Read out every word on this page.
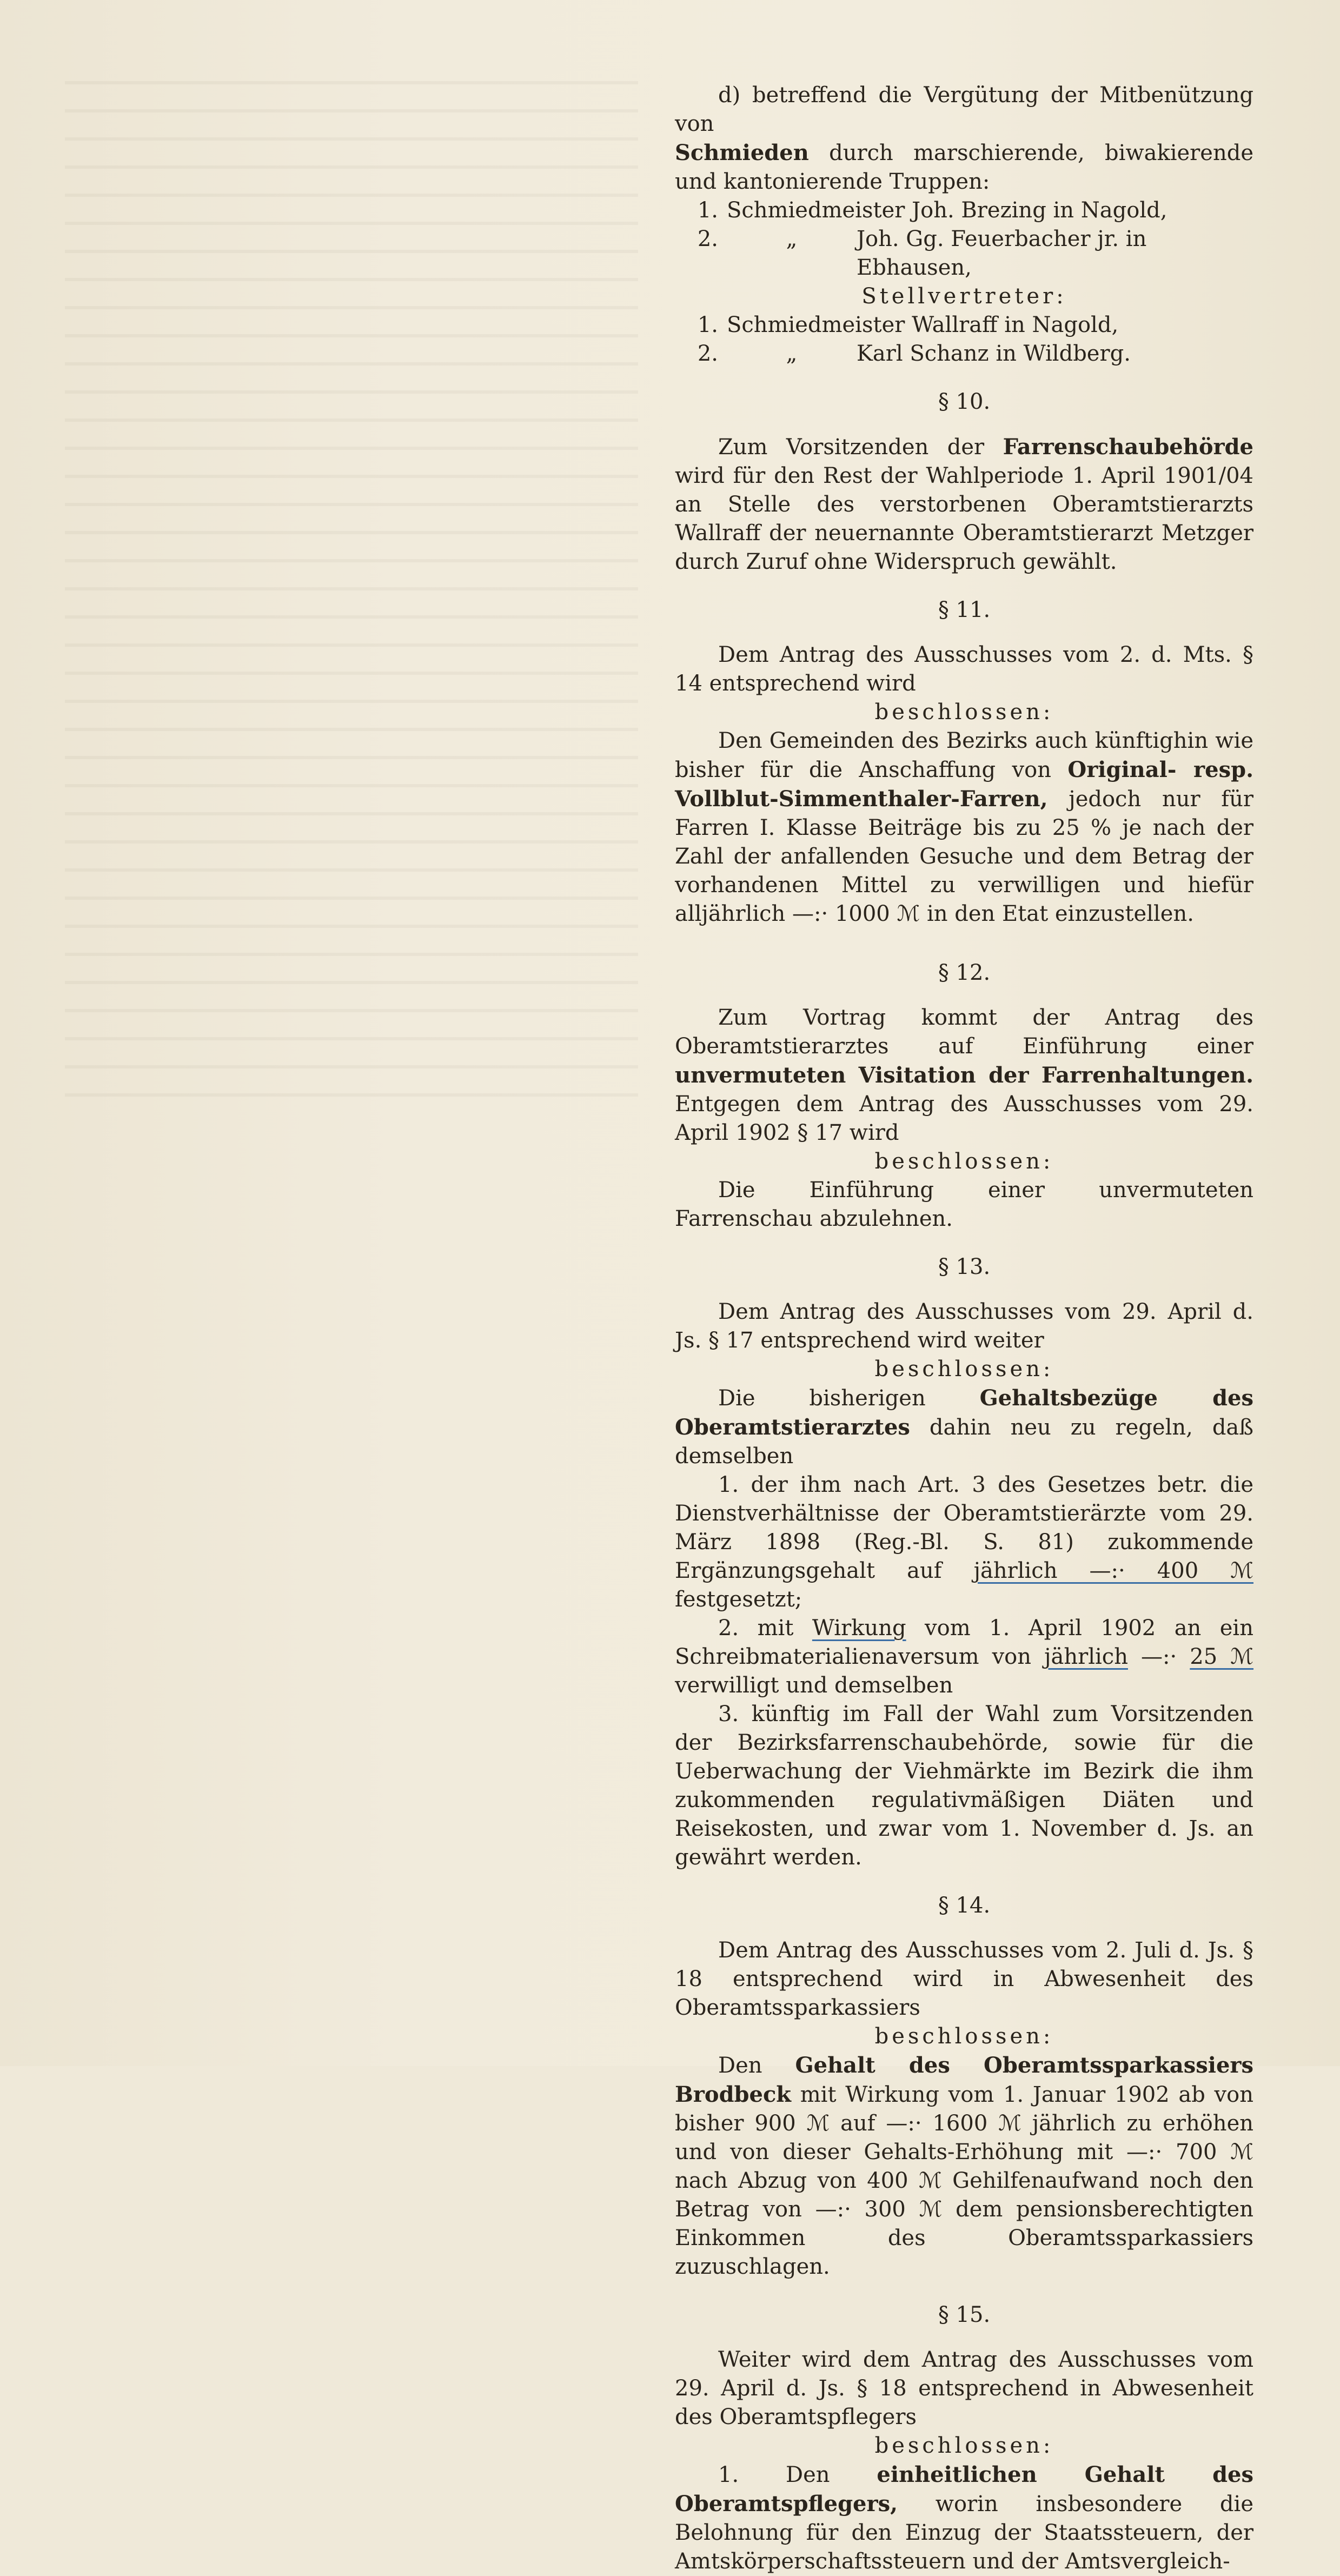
d) betreffend die Vergütung der Mitbenützung von
Schmieden durch marschierende, biwakierende und kantonierende Truppen:

1. Schmiedmeister Joh. Brezing in Nagold,
2.	„	Joh. Gg. Feuerbacher jr. in Ebhausen,

Stellvertreter:

1. Schmiedmeister Wallraff in Nagold,
2.	„	Karl Schanz in Wildberg.

§ 10.

Zum Vorsitzenden der Farrenschaubehörde wird für den Rest der Wahlperiode 1. April 1901/04 an Stelle des verstorbenen Oberamtstierarzts Wallraff der neuernannte Oberamtstierarzt Metzger durch Zuruf ohne Widerspruch gewählt.

§ 11.

Dem Antrag des Ausschusses vom 2. d. Mts. § 14 entsprechend wird

beschlossen:

Den Gemeinden des Bezirks auch künftighin wie bisher für die Anschaffung von Original- resp. Vollblut-Simmenthaler-Farren, jedoch nur für Farren I. Klasse Beiträge bis zu 25 % je nach der Zahl der anfallenden Gesuche und dem Betrag der vorhandenen Mittel zu verwilligen und hiefür alljährlich —:· 1000 ℳ in den Etat einzustellen.

§ 12.

Zum Vortrag kommt der Antrag des Oberamtstierarztes auf Einführung einer unvermuteten Visitation der Farrenhaltungen. Entgegen dem Antrag des Ausschusses vom 29. April 1902 § 17 wird

beschlossen:

Die Einführung einer unvermuteten Farrenschau abzulehnen.

§ 13.

Dem Antrag des Ausschusses vom 29. April d. Js. § 17 entsprechend wird weiter

beschlossen:

Die bisherigen Gehaltsbezüge des Oberamtstierarztes dahin neu zu regeln, daß demselben

1. der ihm nach Art. 3 des Gesetzes betr. die Dienstverhältnisse der Oberamtstierärzte vom 29. März 1898 (Reg.-Bl. S. 81) zukommende Ergänzungsgehalt auf jährlich —:· 400 ℳ festgesetzt;

2. mit Wirkung vom 1. April 1902 an ein Schreibmaterialienaversum von jährlich —:· 25 ℳ verwilligt und demselben

3. künftig im Fall der Wahl zum Vorsitzenden der Bezirksfarrenschaubehörde, sowie für die Ueberwachung der Viehmärkte im Bezirk die ihm zukommenden regulativmäßigen Diäten und Reisekosten, und zwar vom 1. November d. Js. an gewährt werden.

§ 14.

Dem Antrag des Ausschusses vom 2. Juli d. Js. § 18 entsprechend wird in Abwesenheit des Oberamtssparkassiers

beschlossen:

Den Gehalt des Oberamtssparkassiers Brodbeck mit Wirkung vom 1. Januar 1902 ab von bisher 900 ℳ auf —:· 1600 ℳ jährlich zu erhöhen und von dieser Gehalts-Erhöhung mit —:· 700 ℳ nach Abzug von 400 ℳ Gehilfenaufwand noch den Betrag von —:· 300 ℳ dem pensionsberechtigten Einkommen des Oberamtssparkassiers zuzuschlagen.

§ 15.

Weiter wird dem Antrag des Ausschusses vom 29. April d. Js. § 18 entsprechend in Abwesenheit des Oberamtspflegers

beschlossen:

1. Den einheitlichen Gehalt des Oberamtspflegers, worin insbesondere die Belohnung für den Einzug der Staatssteuern, der Amtskörperschaftssteuern und der Amtsvergleich-
